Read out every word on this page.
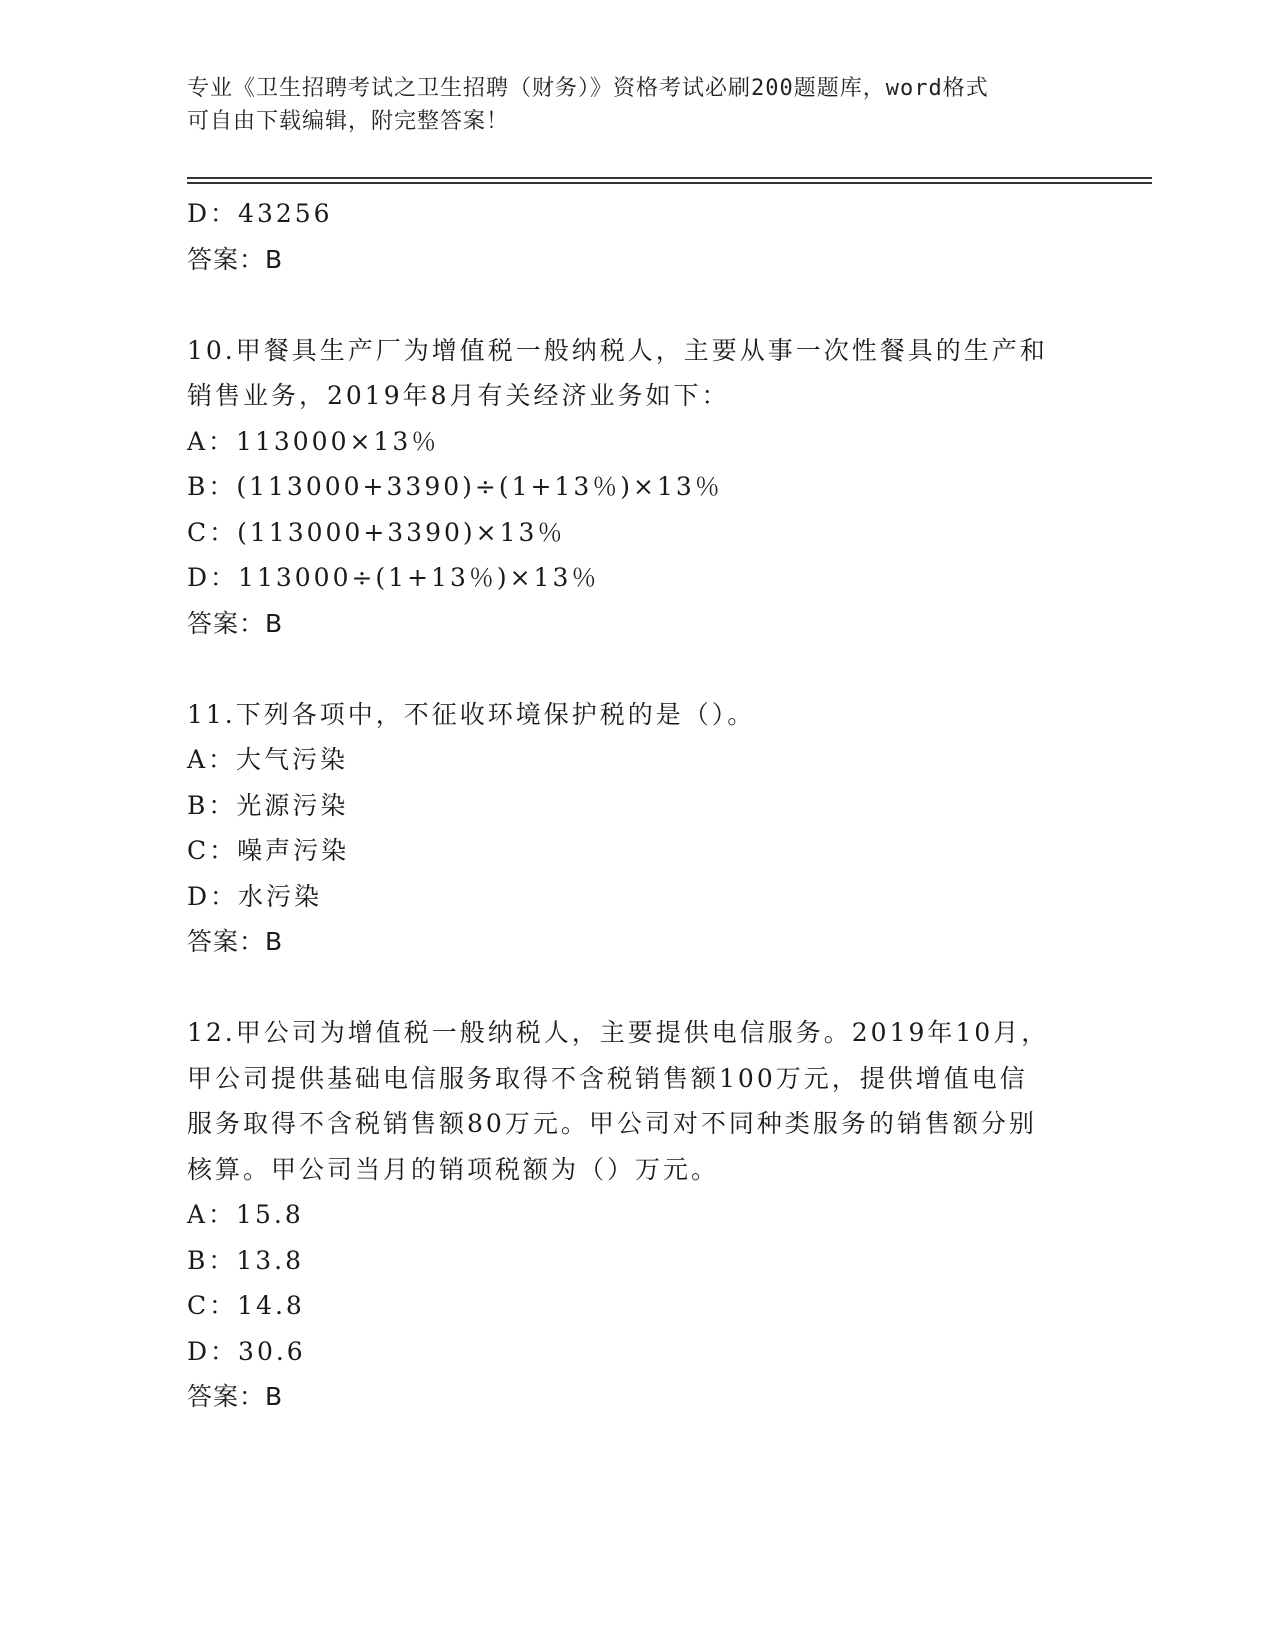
专业《卫生招聘考试之卫生招聘（财务）》资格考试必刷200题题库，word格式
可自由下载编辑，附完整答案！
D：43256
答案：B
10.甲餐具生产厂为增值税一般纳税人，主要从事一次性餐具的生产和
销售业务，2019年8月有关经济业务如下：
A：113000×13％
B：(113000+3390)÷(1+13％)×13％
C：(113000+3390)×13％
D：113000÷(1+13％)×13％
答案：B
11.下列各项中，不征收环境保护税的是（）。
A：大气污染
B：光源污染
C：噪声污染
D：水污染
答案：B
12.甲公司为增值税一般纳税人，主要提供电信服务。2019年10月，
甲公司提供基础电信服务取得不含税销售额100万元，提供增值电信
服务取得不含税销售额80万元。甲公司对不同种类服务的销售额分别
核算。甲公司当月的销项税额为（）万元。
A：15.8
B：13.8
C：14.8
D：30.6
答案：B
